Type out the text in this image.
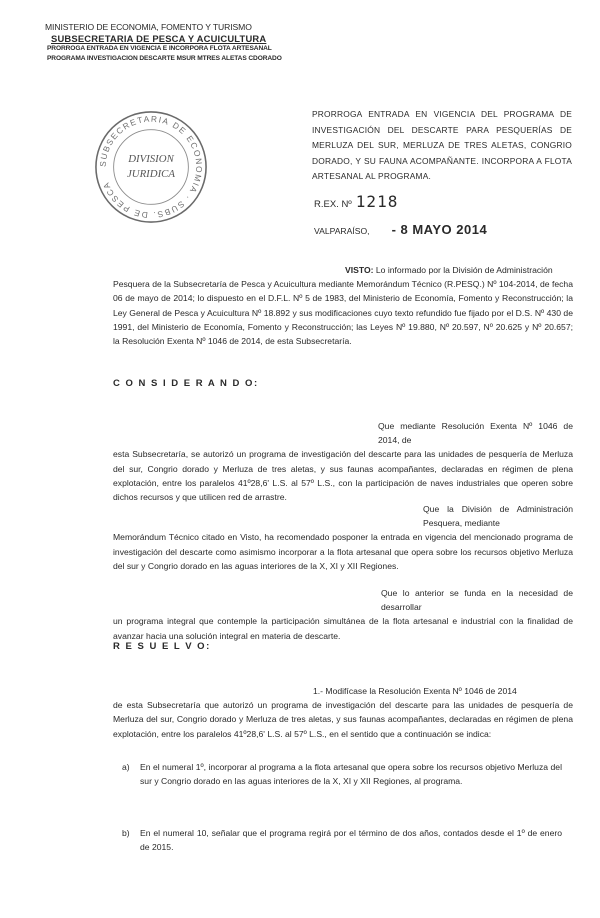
MINISTERIO DE ECONOMIA, FOMENTO Y TURISMO
SUBSECRETARIA DE PESCA Y ACUICULTURA
PRORROGA ENTRADA EN VIGENCIA E INCORPORA FLOTA ARTESANAL
PROGRAMA INVESTIGACION DESCARTE MSUR MTRES ALETAS CDORADO
SUBSECRETARIA DE ECONOMIA · SUBS. DE PESCA
DIVISION
JURIDICA
PRORROGA ENTRADA EN VIGENCIA DEL PROGRAMA DE INVESTIGACIÓN DEL DESCARTE PARA PESQUERÍAS DE MERLUZA DEL SUR, MERLUZA DE TRES ALETAS, CONGRIO DORADO, Y SU FAUNA ACOMPAÑANTE. INCORPORA A FLOTA ARTESANAL AL PROGRAMA.
R.EX. Nº 1218
VALPARAÍSO, - 8 MAYO 2014

VISTO: Lo informado por la División de Administración

Pesquera de la Subsecretaría de Pesca y Acuicultura mediante Memorándum Técnico (R.PESQ.) Nº 104-2014, de fecha 06 de mayo de 2014; lo dispuesto en el D.F.L. Nº 5 de 1983, del Ministerio de Economía, Fomento y Reconstrucción; la Ley General de Pesca y Acuicultura Nº 18.892 y sus modificaciones cuyo texto refundido fue fijado por el D.S. Nº 430 de 1991, del Ministerio de Economía, Fomento y Reconstrucción; las Leyes Nº 19.880, Nº 20.597, Nº 20.625 y Nº 20.657; la Resolución Exenta Nº 1046 de 2014, de esta Subsecretaría.

C O N S I D E R A N D O:

Que mediante Resolución Exenta Nº 1046 de 2014, de

esta Subsecretaría, se autorizó un programa de investigación del descarte para las unidades de pesquería de Merluza del sur, Congrio dorado y Merluza de tres aletas, y sus faunas acompañantes, declaradas en régimen de plena explotación, entre los paralelos 41º28,6' L.S. al 57º L.S., con la participación de naves industriales que operen sobre dichos recursos y que utilicen red de arrastre.

Que la División de Administración Pesquera, mediante

Memorándum Técnico citado en Visto, ha recomendado posponer la entrada en vigencia del mencionado programa de investigación del descarte como asimismo incorporar a la flota artesanal que opera sobre los recursos objetivo Merluza del sur y Congrio dorado en las aguas interiores de la X, XI y XII Regiones.

Que lo anterior se funda en la necesidad de desarrollar

un programa integral que contemple la participación simultánea de la flota artesanal e industrial con la finalidad de avanzar hacia una solución integral en materia de descarte.

R E S U E L V O:

1.- Modifícase la Resolución Exenta Nº 1046 de 2014

de esta Subsecretaría que autorizó un programa de investigación del descarte para las unidades de pesquería de Merluza del sur, Congrio dorado y Merluza de tres aletas, y sus faunas acompañantes, declaradas en régimen de plena explotación, entre los paralelos 41º28,6' L.S. al 57º L.S., en el sentido que a continuación se indica:

a)	En el numeral 1º, incorporar al programa a la flota artesanal que opera sobre los recursos objetivo Merluza del sur y Congrio dorado en las aguas interiores de la X, XI y XII Regiones, al programa.

b)	En el numeral 10, señalar que el programa regirá por el término de dos años, contados desde el 1º de enero de 2015.
